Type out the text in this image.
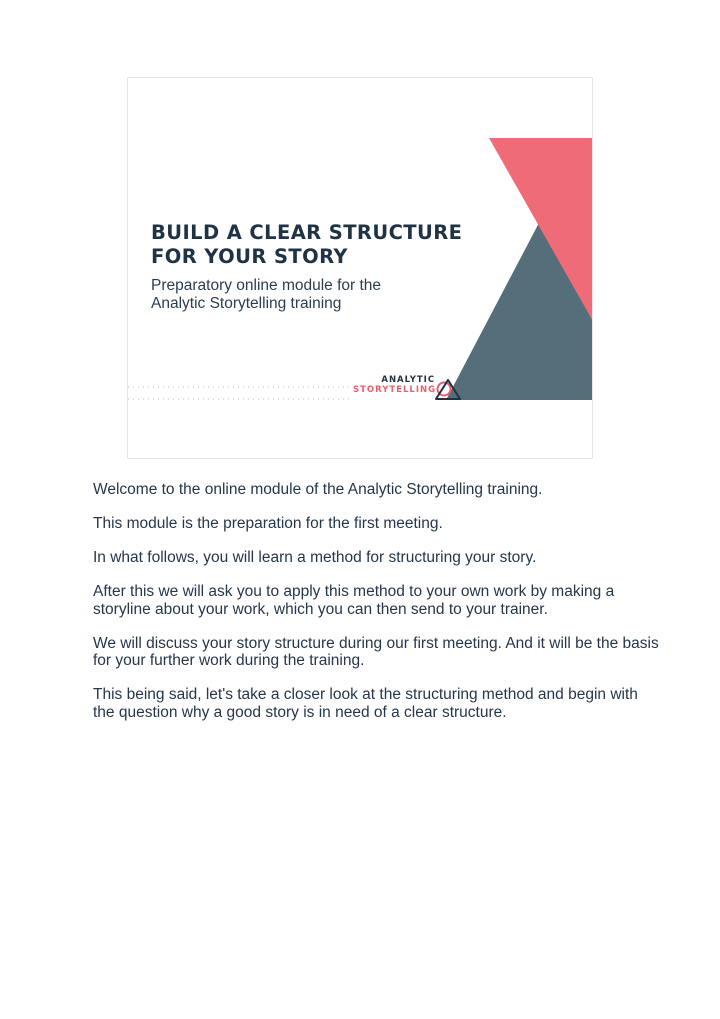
BUILD A CLEAR STRUCTURE
FOR YOUR STORY

Preparatory online module for the
Analytic Storytelling training

ANALYTIC
STORYTELLING

Welcome to the online module of the Analytic Storytelling training.

This module is the preparation for the first meeting.

In what follows, you will learn a method for structuring your story.

After this we will ask you to apply this method to your own work by making a storyline about your work, which you can then send to your trainer.

We will discuss your story structure during our first meeting. And it will be the basis for your further work during the training.

This being said, let's take a closer look at the structuring method and begin with the question why a good story is in need of a clear structure.
